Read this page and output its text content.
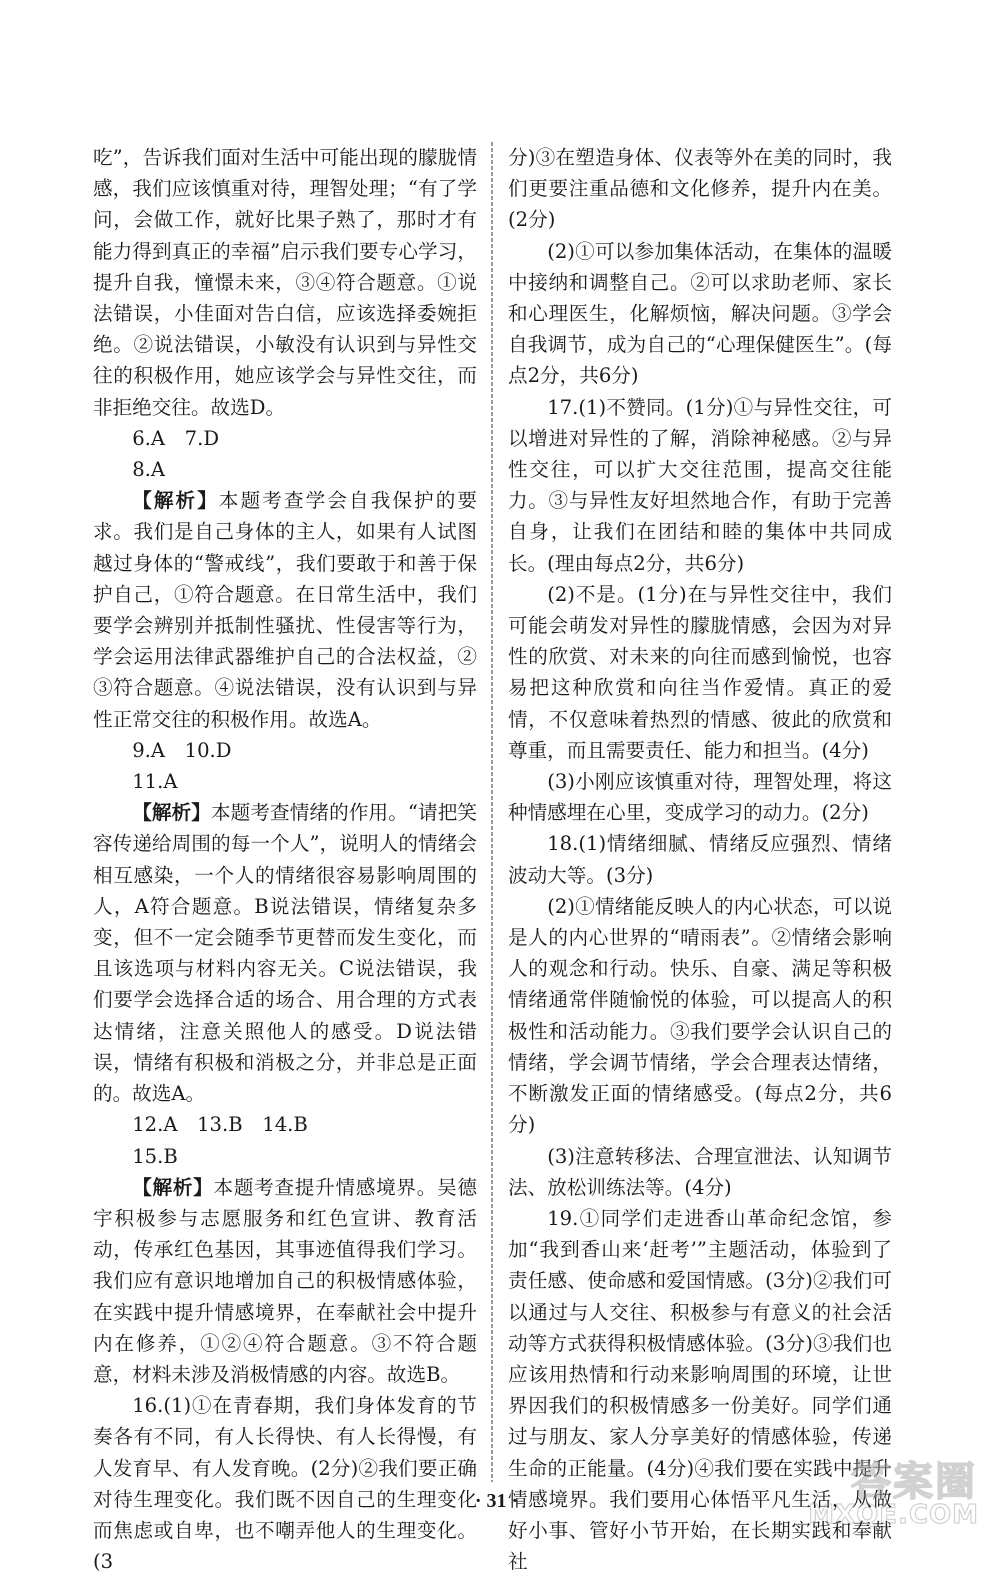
吃”，告诉我们面对生活中可能出现的朦胧情感，我们应该慎重对待，理智处理；“有了学问，会做工作，就好比果子熟了，那时才有能力得到真正的幸福”启示我们要专心学习，提升自我，憧憬未来，③④符合题意。①说法错误，小佳面对告白信，应该选择委婉拒绝。②说法错误，小敏没有认识到与异性交往的积极作用，她应该学会与异性交往，而非拒绝交往。故选D。

6.A　7.D

8.A

【解析】本题考查学会自我保护的要求。我们是自己身体的主人，如果有人试图越过身体的“警戒线”，我们要敢于和善于保护自己，①符合题意。在日常生活中，我们要学会辨别并抵制性骚扰、性侵害等行为，学会运用法律武器维护自己的合法权益，②③符合题意。④说法错误，没有认识到与异性正常交往的积极作用。故选A。

9.A　10.D

11.A

【解析】本题考查情绪的作用。“请把笑容传递给周围的每一个人”，说明人的情绪会相互感染，一个人的情绪很容易影响周围的人，A符合题意。B说法错误，情绪复杂多变，但不一定会随季节更替而发生变化，而且该选项与材料内容无关。C说法错误，我们要学会选择合适的场合、用合理的方式表达情绪，注意关照他人的感受。D说法错误，情绪有积极和消极之分，并非总是正面的。故选A。

12.A　13.B　14.B

15.B

【解析】本题考查提升情感境界。吴德宇积极参与志愿服务和红色宣讲、教育活动，传承红色基因，其事迹值得我们学习。我们应有意识地增加自己的积极情感体验，在实践中提升情感境界，在奉献社会中提升内在修养，①②④符合题意。③不符合题意，材料未涉及消极情感的内容。故选B。

16.(1)①在青春期，我们身体发育的节奏各有不同，有人长得快、有人长得慢，有人发育早、有人发育晚。(2分)②我们要正确对待生理变化。我们既不因自己的生理变化而焦虑或自卑，也不嘲弄他人的生理变化。(3

分)③在塑造身体、仪表等外在美的同时，我们更要注重品德和文化修养，提升内在美。(2分)

(2)①可以参加集体活动，在集体的温暖中接纳和调整自己。②可以求助老师、家长和心理医生，化解烦恼，解决问题。③学会自我调节，成为自己的“心理保健医生”。(每点2分，共6分)

17.(1)不赞同。(1分)①与异性交往，可以增进对异性的了解，消除神秘感。②与异性交往，可以扩大交往范围，提高交往能力。③与异性友好坦然地合作，有助于完善自身，让我们在团结和睦的集体中共同成长。(理由每点2分，共6分)

(2)不是。(1分)在与异性交往中，我们可能会萌发对异性的朦胧情感，会因为对异性的欣赏、对未来的向往而感到愉悦，也容易把这种欣赏和向往当作爱情。真正的爱情，不仅意味着热烈的情感、彼此的欣赏和尊重，而且需要责任、能力和担当。(4分)

(3)小刚应该慎重对待，理智处理，将这种情感埋在心里，变成学习的动力。(2分)

18.(1)情绪细腻、情绪反应强烈、情绪波动大等。(3分)

(2)①情绪能反映人的内心状态，可以说是人的内心世界的“晴雨表”。②情绪会影响人的观念和行动。快乐、自豪、满足等积极情绪通常伴随愉悦的体验，可以提高人的积极性和活动能力。③我们要学会认识自己的情绪，学会调节情绪，学会合理表达情绪，不断激发正面的情绪感受。(每点2分，共6分)

(3)注意转移法、合理宣泄法、认知调节法、放松训练法等。(4分)

19.①同学们走进香山革命纪念馆，参加“我到香山来‘赶考’”主题活动，体验到了责任感、使命感和爱国情感。(3分)②我们可以通过与人交往、积极参与有意义的社会活动等方式获得积极情感体验。(3分)③我们也应该用热情和行动来影响周围的环境，让世界因我们的积极情感多一份美好。同学们通过与朋友、家人分享美好的情感体验，传递生命的正能量。(4分)④我们要在实践中提升情感境界。我们要用心体悟平凡生活，从做好小事、管好小节开始，在长期实践和奉献社

· 31 ·	答案圈
MXQE.COM
